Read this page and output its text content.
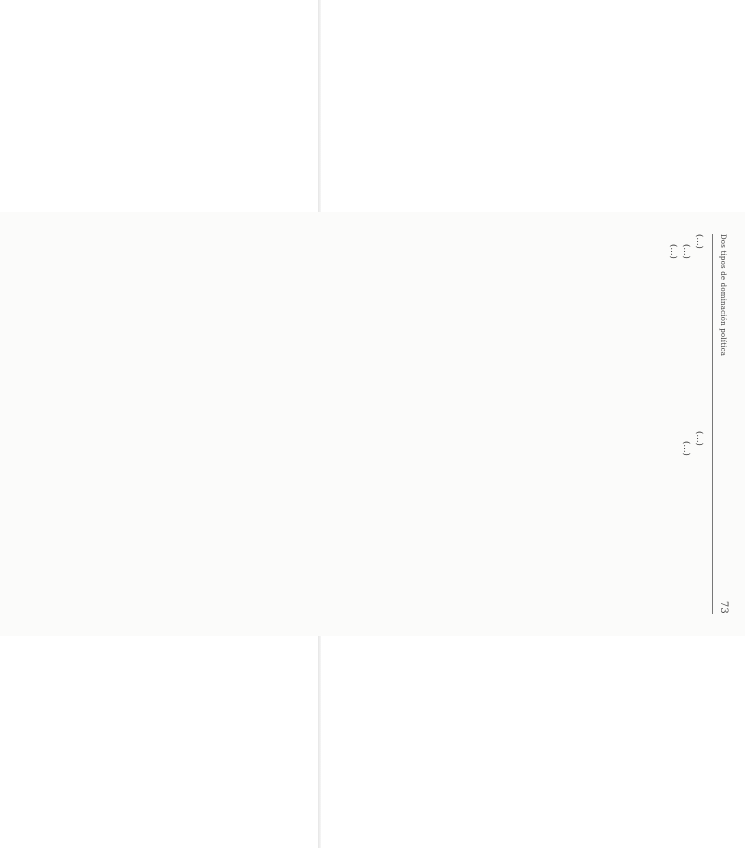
Dos tipos de dominación política
73

(...)

(...)

(...)

(...)

(...)
